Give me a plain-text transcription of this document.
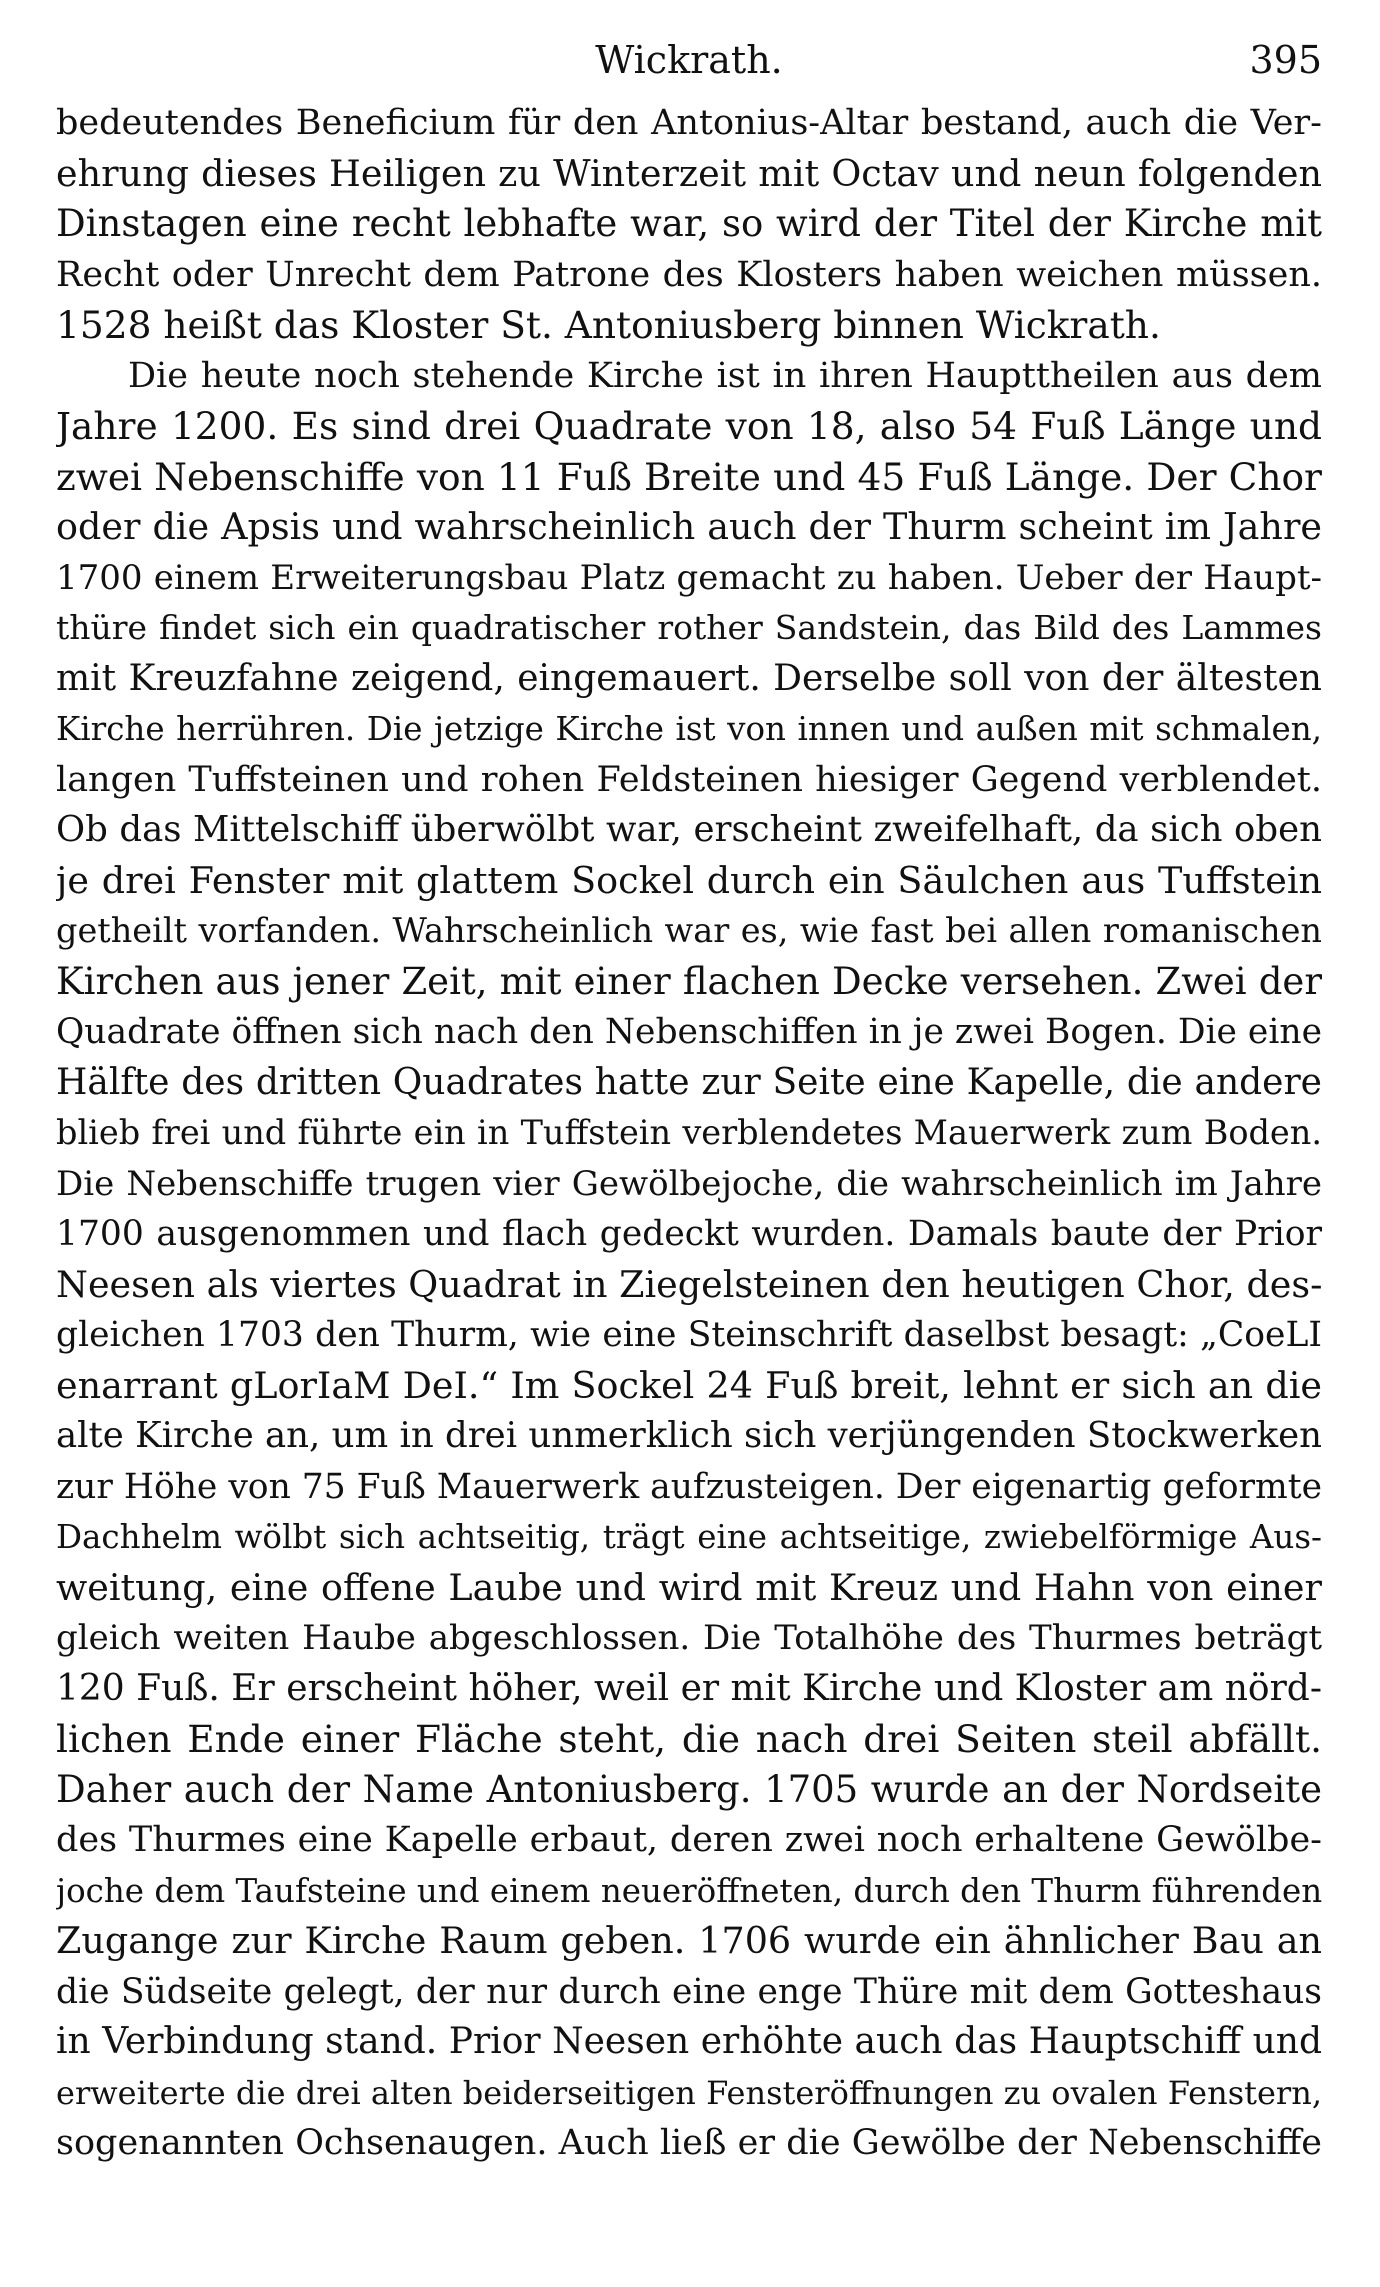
Wickrath.	395
bedeutendes Beneficium für den Antonius-Altar bestand, auch die Ver-
ehrung dieses Heiligen zu Winterzeit mit Octav und neun folgenden
Dinstagen eine recht lebhafte war, so wird der Titel der Kirche mit
Recht oder Unrecht dem Patrone des Klosters haben weichen müssen.
1528 heißt das Kloster St. Antoniusberg binnen Wickrath.
Die heute noch stehende Kirche ist in ihren Haupttheilen aus dem
Jahre 1200. Es sind drei Quadrate von 18, also 54 Fuß Länge und
zwei Nebenschiffe von 11 Fuß Breite und 45 Fuß Länge. Der Chor
oder die Apsis und wahrscheinlich auch der Thurm scheint im Jahre
1700 einem Erweiterungsbau Platz gemacht zu haben. Ueber der Haupt-
thüre findet sich ein quadratischer rother Sandstein, das Bild des Lammes
mit Kreuzfahne zeigend, eingemauert. Derselbe soll von der ältesten
Kirche herrühren. Die jetzige Kirche ist von innen und außen mit schmalen,
langen Tuffsteinen und rohen Feldsteinen hiesiger Gegend verblendet.
Ob das Mittelschiff überwölbt war, erscheint zweifelhaft, da sich oben
je drei Fenster mit glattem Sockel durch ein Säulchen aus Tuffstein
getheilt vorfanden. Wahrscheinlich war es, wie fast bei allen romanischen
Kirchen aus jener Zeit, mit einer flachen Decke versehen. Zwei der
Quadrate öffnen sich nach den Nebenschiffen in je zwei Bogen. Die eine
Hälfte des dritten Quadrates hatte zur Seite eine Kapelle, die andere
blieb frei und führte ein in Tuffstein verblendetes Mauerwerk zum Boden.
Die Nebenschiffe trugen vier Gewölbejoche, die wahrscheinlich im Jahre
1700 ausgenommen und flach gedeckt wurden. Damals baute der Prior
Neesen als viertes Quadrat in Ziegelsteinen den heutigen Chor, des-
gleichen 1703 den Thurm, wie eine Steinschrift daselbst besagt: „CoeLI
enarrant gLorIaM DeI.“ Im Sockel 24 Fuß breit, lehnt er sich an die
alte Kirche an, um in drei unmerklich sich verjüngenden Stockwerken
zur Höhe von 75 Fuß Mauerwerk aufzusteigen. Der eigenartig geformte
Dachhelm wölbt sich achtseitig, trägt eine achtseitige, zwiebelförmige Aus-
weitung, eine offene Laube und wird mit Kreuz und Hahn von einer
gleich weiten Haube abgeschlossen. Die Totalhöhe des Thurmes beträgt
120 Fuß. Er erscheint höher, weil er mit Kirche und Kloster am nörd-
lichen Ende einer Fläche steht, die nach drei Seiten steil abfällt.
Daher auch der Name Antoniusberg. 1705 wurde an der Nordseite
des Thurmes eine Kapelle erbaut, deren zwei noch erhaltene Gewölbe-
joche dem Taufsteine und einem neueröffneten, durch den Thurm führenden
Zugange zur Kirche Raum geben. 1706 wurde ein ähnlicher Bau an
die Südseite gelegt, der nur durch eine enge Thüre mit dem Gotteshaus
in Verbindung stand. Prior Neesen erhöhte auch das Hauptschiff und
erweiterte die drei alten beiderseitigen Fensteröffnungen zu ovalen Fenstern,
sogenannten Ochsenaugen. Auch ließ er die Gewölbe der Nebenschiffe
